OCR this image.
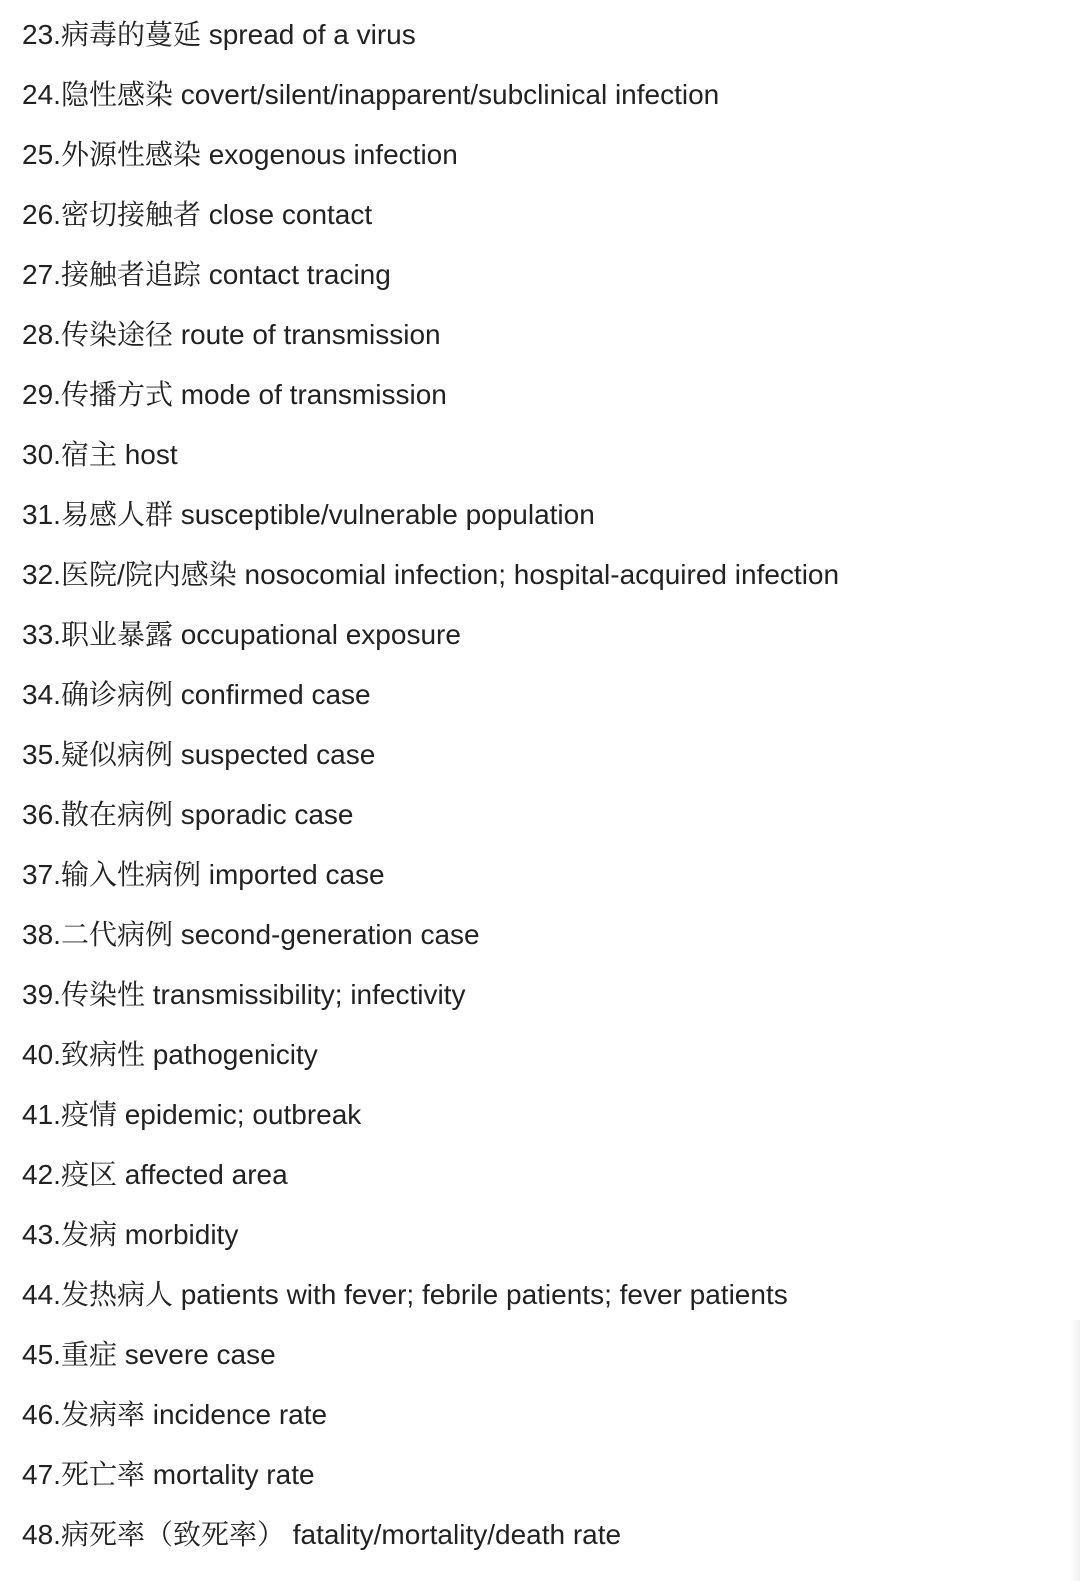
23.病毒的蔓延 spread of a virus
24.隐性感染 covert/silent/inapparent/subclinical infection
25.外源性感染 exogenous infection
26.密切接触者 close contact
27.接触者追踪 contact tracing
28.传染途径 route of transmission
29.传播方式 mode of transmission
30.宿主 host
31.易感人群 susceptible/vulnerable population
32.医院/院内感染 nosocomial infection; hospital-acquired infection
33.职业暴露 occupational exposure
34.确诊病例 confirmed case
35.疑似病例 suspected case
36.散在病例 sporadic case
37.输入性病例 imported case
38.二代病例 second-generation case
39.传染性 transmissibility; infectivity
40.致病性 pathogenicity
41.疫情 epidemic; outbreak
42.疫区 affected area
43.发病 morbidity
44.发热病人 patients with fever; febrile patients; fever patients
45.重症 severe case
46.发病率 incidence rate
47.死亡率 mortality rate
48.病死率（致死率） fatality/mortality/death rate
